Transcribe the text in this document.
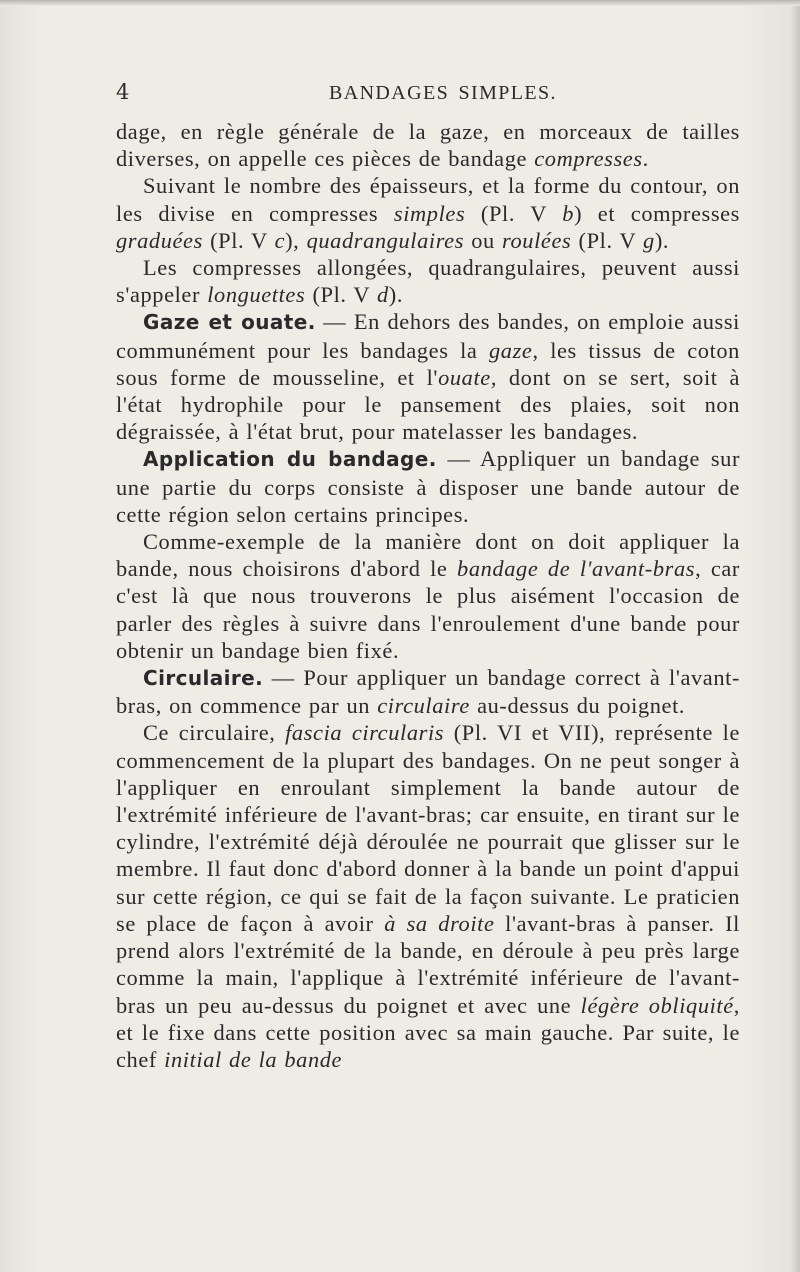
4	BANDAGES SIMPLES.

dage, en règle générale de la gaze, en morceaux de tailles diverses, on appelle ces pièces de bandage compresses.

Suivant le nombre des épaisseurs, et la forme du contour, on les divise en compresses simples (Pl. V b) et compresses graduées (Pl. V c), quadrangulaires ou roulées (Pl. V g).

Les compresses allongées, quadrangulaires, peuvent aussi s'appeler longuettes (Pl. V d).

Gaze et ouate. — En dehors des bandes, on emploie aussi communément pour les bandages la gaze, les tissus de coton sous forme de mousseline, et l'ouate, dont on se sert, soit à l'état hydrophile pour le pansement des plaies, soit non dégraissée, à l'état brut, pour matelasser les bandages.

Application du bandage. — Appliquer un bandage sur une partie du corps consiste à disposer une bande autour de cette région selon certains principes.

Comme-exemple de la manière dont on doit appliquer la bande, nous choisirons d'abord le bandage de l'avant-bras, car c'est là que nous trouverons le plus aisément l'occasion de parler des règles à suivre dans l'enroulement d'une bande pour obtenir un bandage bien fixé.

Circulaire. — Pour appliquer un bandage correct à l'avant-bras, on commence par un circulaire au-dessus du poignet.

Ce circulaire, fascia circularis (Pl. VI et VII), représente le commencement de la plupart des bandages. On ne peut songer à l'appliquer en enroulant simplement la bande autour de l'extrémité inférieure de l'avant-bras; car ensuite, en tirant sur le cylindre, l'extrémité déjà déroulée ne pourrait que glisser sur le membre. Il faut donc d'abord donner à la bande un point d'appui sur cette région, ce qui se fait de la façon suivante. Le praticien se place de façon à avoir à sa droite l'avant-bras à panser. Il prend alors l'extrémité de la bande, en déroule à peu près large comme la main, l'applique à l'extrémité inférieure de l'avant-bras un peu au-dessus du poignet et avec une légère obliquité, et le fixe dans cette position avec sa main gauche. Par suite, le chef initial de la bande
